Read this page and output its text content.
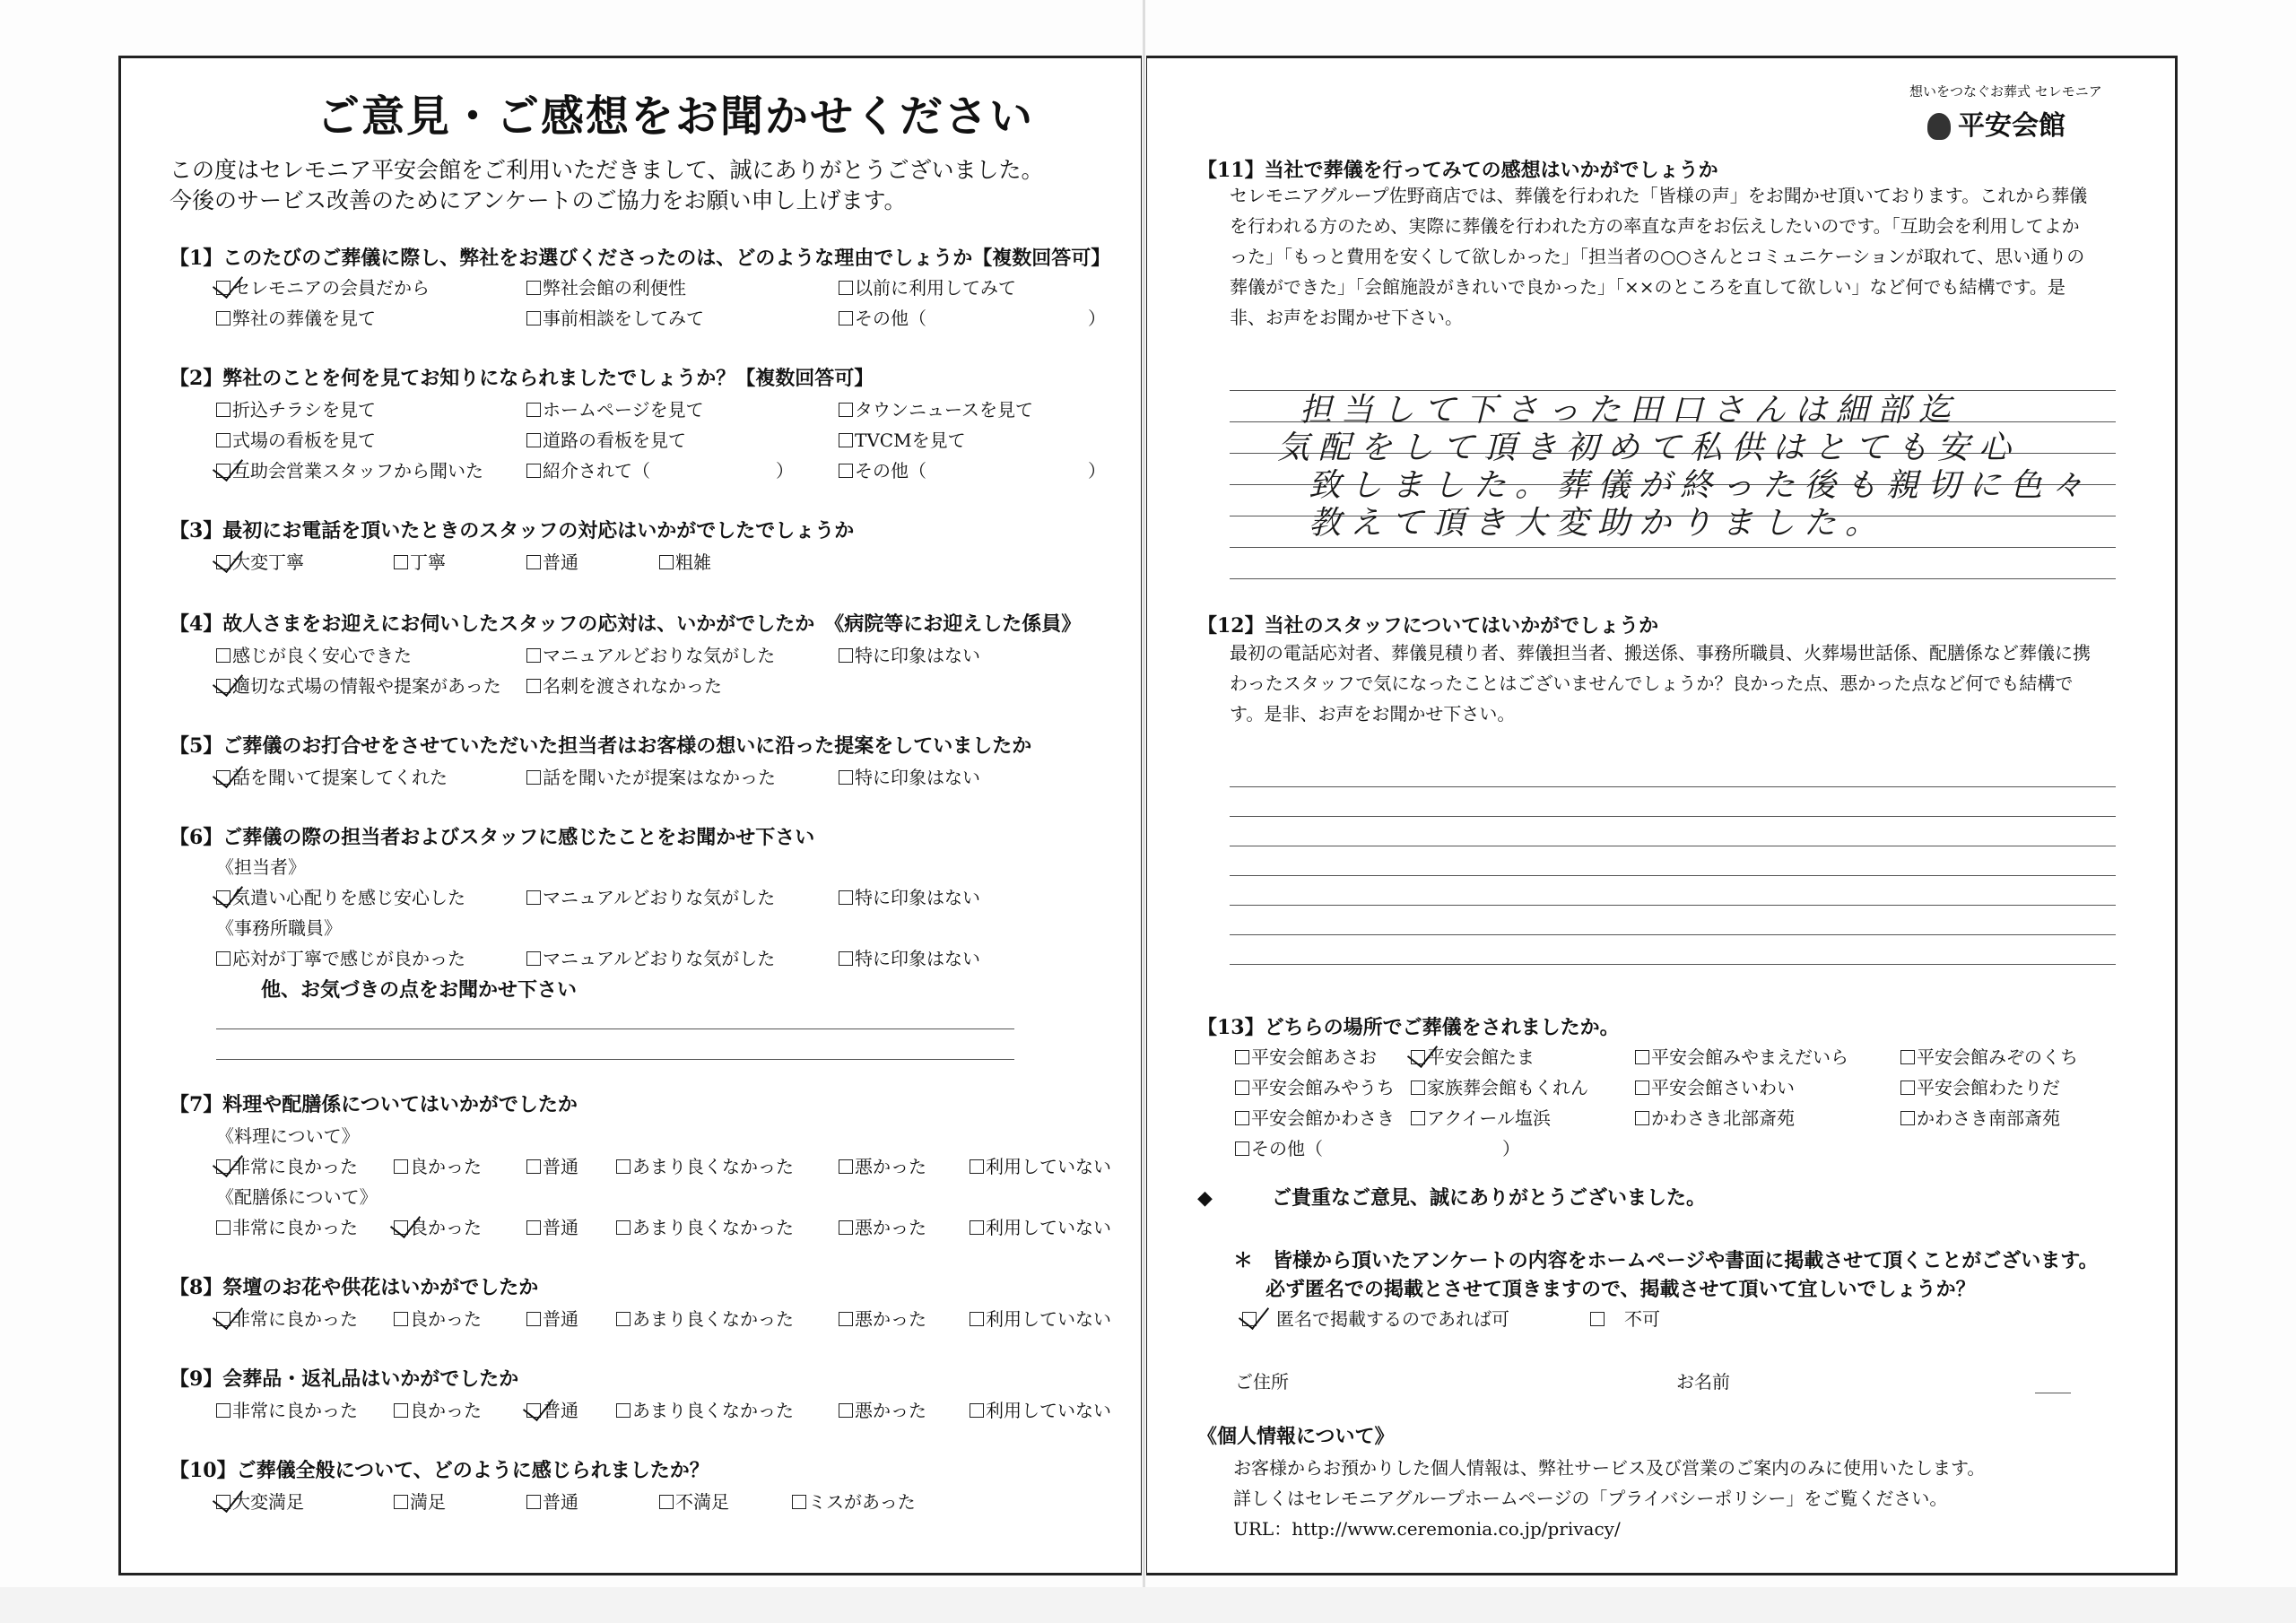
ご意見・ご感想をお聞かせください
この度はセレモニア平安会館をご利用いただきまして、誠にありがとうございました。
今後のサービス改善のためにアンケートのご協力をお願い申し上げます。
【1】このたびのご葬儀に際し、弊社をお選びくださったのは、どのような理由でしょうか【複数回答可】
セレモニアの会員だから	弊社会館の利便性	以前に利用してみて
弊社の葬儀を見て	事前相談をしてみて	その他（　　　　　　　　　）
【2】弊社のことを何を見てお知りになられましたでしょうか？【複数回答可】
折込チラシを見て	ホームページを見て	タウンニュースを見て
式場の看板を見て	道路の看板を見て	TVCMを見て
互助会営業スタッフから聞いた	紹介されて（　　　　　　　）	その他（　　　　　　　　　）
【3】最初にお電話を頂いたときのスタッフの対応はいかがでしたでしょうか
大変丁寧	丁寧	普通	粗雑
【4】故人さまをお迎えにお伺いしたスタッフの応対は、いかがでしたか　《病院等にお迎えした係員》
感じが良く安心できた	マニュアルどおりな気がした	特に印象はない
適切な式場の情報や提案があった	名刺を渡されなかった
【5】ご葬儀のお打合せをさせていただいた担当者はお客様の想いに沿った提案をしていましたか
話を聞いて提案してくれた	話を聞いたが提案はなかった	特に印象はない
【6】ご葬儀の際の担当者およびスタッフに感じたことをお聞かせ下さい
《担当者》
気遣い心配りを感じ安心した	マニュアルどおりな気がした	特に印象はない
《事務所職員》
応対が丁寧で感じが良かった	マニュアルどおりな気がした	特に印象はない
他、お気づきの点をお聞かせ下さい
【7】料理や配膳係についてはいかがでしたか
《料理について》
非常に良かった	良かった	普通	あまり良くなかった	悪かった	利用していない
《配膳係について》
非常に良かった	良かった	普通	あまり良くなかった	悪かった	利用していない
【8】祭壇のお花や供花はいかがでしたか
非常に良かった	良かった	普通	あまり良くなかった	悪かった	利用していない
【9】会葬品・返礼品はいかがでしたか
非常に良かった	良かった	普通	あまり良くなかった	悪かった	利用していない
【10】ご葬儀全般について、どのように感じられましたか？
大変満足	満足	普通	不満足	ミスがあった
想いをつなぐお葬式 セレモニア
平安会館
【11】当社で葬儀を行ってみての感想はいかがでしょうか
セレモニアグループ佐野商店では、葬儀を行われた「皆様の声」をお聞かせ頂いております。これから葬儀を行われる方のため、実際に葬儀を行われた方の率直な声をお伝えしたいのです。「互助会を利用してよかった」「もっと費用を安くして欲しかった」「担当者の○○さんとコミュニケーションが取れて、思い通りの葬儀ができた」「会館施設がきれいで良かった」「××のところを直して欲しい」など何でも結構です。是非、お声をお聞かせ下さい。
担当して下さった田口さんは細部迄
気配をして頂き初めて私供はとても安心
致しました。葬儀が終った後も親切に色々
教えて頂き大変助かりました。
【12】当社のスタッフについてはいかがでしょうか
最初の電話応対者、葬儀見積り者、葬儀担当者、搬送係、事務所職員、火葬場世話係、配膳係など葬儀に携わったスタッフで気になったことはございませんでしょうか？良かった点、悪かった点など何でも結構です。是非、お声をお聞かせ下さい。
【13】どちらの場所でご葬儀をされましたか。
平安会館あさお	平安会館たま	平安会館みやまえだいら	平安会館みぞのくち
平安会館みやうち	家族葬会館もくれん	平安会館さいわい	平安会館わたりだ
平安会館かわさき	アクイール塩浜	かわさき北部斎苑	かわさき南部斎苑
その他（　　　　　　　　　　）
◆　　　	ご貴重なご意見、誠にありがとうございました。
＊　皆様から頂いたアンケートの内容をホームページや書面に掲載させて頂くことがございます。
必ず匿名での掲載とさせて頂きますので、掲載させて頂いて宜しいでしょうか？
　匿名で掲載するのであれば可
　	不可
ご住所	お名前
《個人情報について》
お客様からお預かりした個人情報は、弊社サービス及び営業のご案内のみに使用いたします。
詳しくはセレモニアグループホームページの「プライバシーポリシー」をご覧ください。
URL：http://www.ceremonia.co.jp/privacy/
